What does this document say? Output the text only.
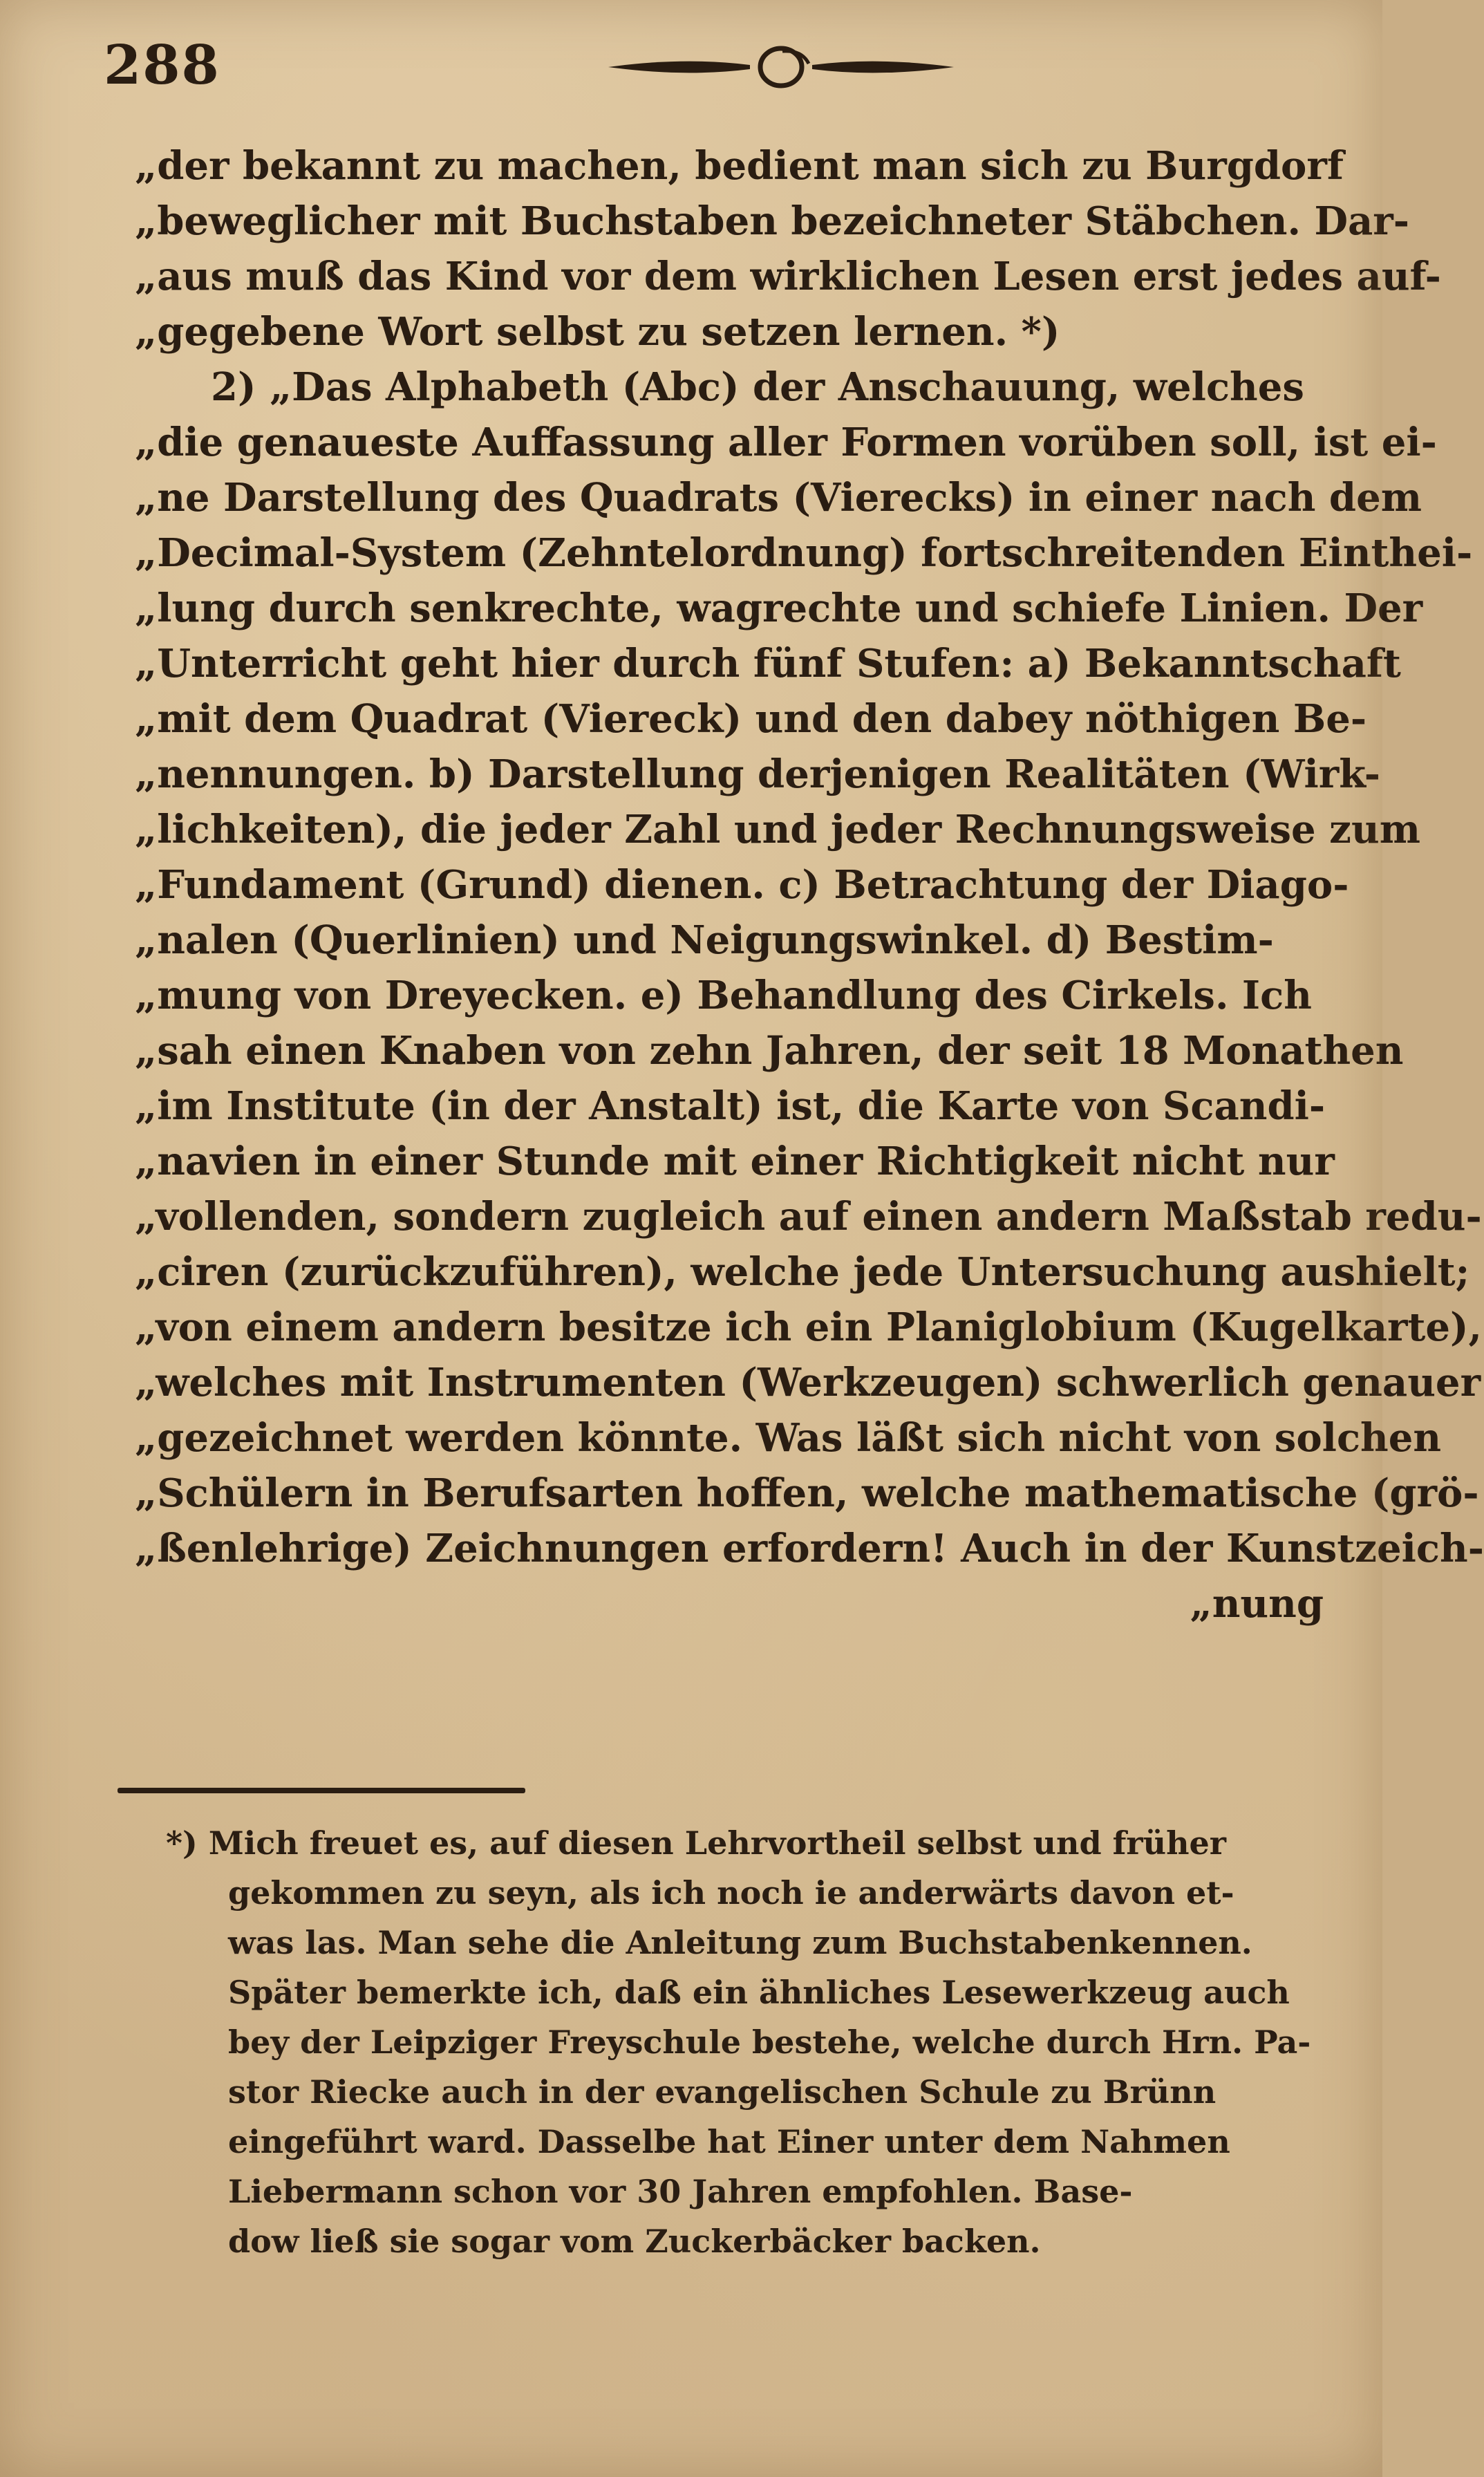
288
„der bekannt zu machen, bedient man sich zu Burgdorf
„beweglicher mit Buchstaben bezeichneter Stäbchen. Dar-
„aus muß das Kind vor dem wirklichen Lesen erst jedes auf-
„gegebene Wort selbst zu setzen lernen. *)
2) „Das Alphabeth (Abc) der Anschauung, welches
„die genaueste Auffassung aller Formen vorüben soll, ist ei-
„ne Darstellung des Quadrats (Vierecks) in einer nach dem
„Decimal-System (Zehntelordnung) fortschreitenden Einthei-
„lung durch senkrechte, wagrechte und schiefe Linien. Der
„Unterricht geht hier durch fünf Stufen: a) Bekanntschaft
„mit dem Quadrat (Viereck) und den dabey nöthigen Be-
„nennungen. b) Darstellung derjenigen Realitäten (Wirk-
„lichkeiten), die jeder Zahl und jeder Rechnungsweise zum
„Fundament (Grund) dienen. c) Betrachtung der Diago-
„nalen (Querlinien) und Neigungswinkel. d) Bestim-
„mung von Dreyecken. e) Behandlung des Cirkels. Ich
„sah einen Knaben von zehn Jahren, der seit 18 Monathen
„im Institute (in der Anstalt) ist, die Karte von Scandi-
„navien in einer Stunde mit einer Richtigkeit nicht nur
„vollenden, sondern zugleich auf einen andern Maßstab redu-
„ciren (zurückzuführen), welche jede Untersuchung aushielt;
„von einem andern besitze ich ein Planiglobium (Kugelkarte),
„welches mit Instrumenten (Werkzeugen) schwerlich genauer
„gezeichnet werden könnte. Was läßt sich nicht von solchen
„Schülern in Berufsarten hoffen, welche mathematische (grö-
„ßenlehrige) Zeichnungen erfordern! Auch in der Kunstzeich-
„nung
*) Mich freuet es, auf diesen Lehrvortheil selbst und früher
gekommen zu seyn, als ich noch ie anderwärts davon et-
was las. Man sehe die Anleitung zum Buchstabenkennen.
Später bemerkte ich, daß ein ähnliches Lesewerkzeug auch
bey der Leipziger Freyschule bestehe, welche durch Hrn. Pa-
stor Riecke auch in der evangelischen Schule zu Brünn
eingeführt ward. Dasselbe hat Einer unter dem Nahmen
Liebermann schon vor 30 Jahren empfohlen. Base-
dow ließ sie sogar vom Zuckerbäcker backen.
